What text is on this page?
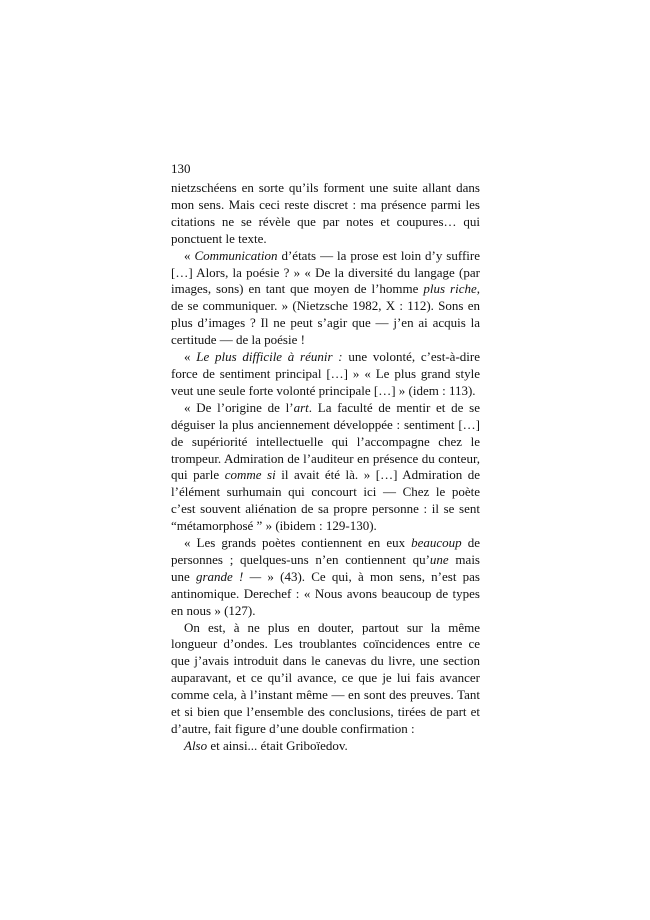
130

nietzschéens en sorte qu’ils forment une suite allant dans mon sens. Mais ceci reste discret : ma présence parmi les citations ne se révèle que par notes et coupures… qui ponctuent le texte.

« Communication d’états — la prose est loin d’y suffire […] Alors, la poésie ? » « De la diversité du langage (par images, sons) en tant que moyen de l’homme plus riche, de se communiquer. » (Nietzsche 1982, X : 112). Sons en plus d’images ? Il ne peut s’agir que — j’en ai acquis la certitude — de la poésie !

« Le plus difficile à réunir : une volonté, c’est-à-dire force de sentiment principal […] » « Le plus grand style veut une seule forte volonté principale […] » (idem : 113).

« De l’origine de l’art. La faculté de mentir et de se déguiser la plus anciennement développée : sentiment […] de supériorité intellectuelle qui l’accompagne chez le trompeur. Admiration de l’auditeur en présence du conteur, qui parle comme si il avait été là. » […] Admiration de l’élément surhumain qui concourt ici — Chez le poète c’est souvent aliénation de sa propre personne : il se sent “métamorphosé ” » (ibidem : 129-130).

« Les grands poètes contiennent en eux beaucoup de personnes ; quelques-uns n’en contiennent qu’une mais une grande ! — » (43). Ce qui, à mon sens, n’est pas antinomique. Derechef : « Nous avons beaucoup de types en nous » (127).

On est, à ne plus en douter, partout sur la même longueur d’ondes. Les troublantes coïncidences entre ce que j’avais introduit dans le canevas du livre, une section auparavant, et ce qu’il avance, ce que je lui fais avancer comme cela, à l’instant même — en sont des preuves. Tant et si bien que l’ensemble des conclusions, tirées de part et d’autre, fait figure d’une double confirmation :

Also et ainsi... était Griboïedov.
